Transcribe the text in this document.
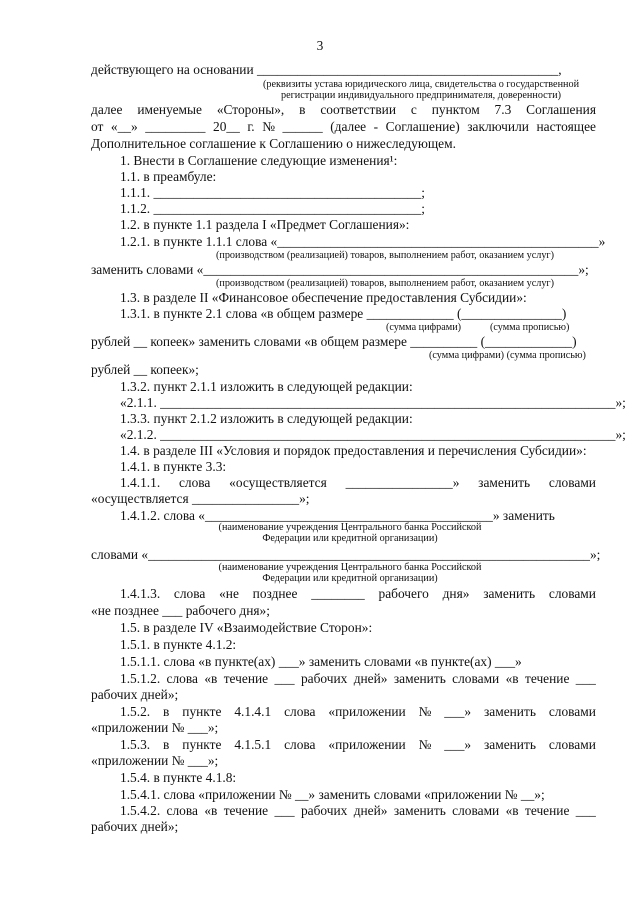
3
действующего на основании _____________________________________________,
(реквизиты устава юридического лица, свидетельства о государственной
регистрации индивидуального предпринимателя, доверенности)
далее именуемые «Стороны», в соответствии с пунктом 7.3 Соглашения
от «__» _________ 20__ г. № ______ (далее - Соглашение) заключили настоящее
Дополнительное соглашение к Соглашению о нижеследующем.
1. Внести в Соглашение следующие изменения¹:
1.1. в преамбуле:
1.1.1. ________________________________________;
1.1.2. ________________________________________;
1.2. в пункте 1.1 раздела I «Предмет Соглашения»:
1.2.1. в пункте 1.1.1 слова «________________________________________________»
(производством (реализацией) товаров, выполнением работ, оказанием услуг)
заменить словами «________________________________________________________»;
(производством (реализацией) товаров, выполнением работ, оказанием услуг)
1.3. в разделе II «Финансовое обеспечение предоставления Субсидии»:
1.3.1. в пункте 2.1 слова «в общем размере _____________ (_______________)
(сумма цифрами)	(сумма прописью)
рублей __ копеек» заменить словами «в общем размере __________ (_____________)
(сумма цифрами) (сумма прописью)
рублей __ копеек»;
1.3.2. пункт 2.1.1 изложить в следующей редакции:
«2.1.1. ____________________________________________________________________»;
1.3.3. пункт 2.1.2 изложить в следующей редакции:
«2.1.2. ____________________________________________________________________»;
1.4. в разделе III «Условия и порядок предоставления и перечисления Субсидии»:
1.4.1. в пункте 3.3:
1.4.1.1. слова «осуществляется ________________» заменить словами
«осуществляется ________________»;
1.4.1.2. слова «___________________________________________» заменить
(наименование учреждения Центрального банка Российской
Федерации или кредитной организации)
словами «__________________________________________________________________»;
(наименование учреждения Центрального банка Российской
Федерации или кредитной организации)
1.4.1.3. слова «не позднее ________ рабочего дня» заменить словами
«не позднее ___ рабочего дня»;
1.5. в разделе IV «Взаимодействие Сторон»:
1.5.1. в пункте 4.1.2:
1.5.1.1. слова «в пункте(ах) ___» заменить словами «в пункте(ах) ___»
1.5.1.2. слова «в течение ___ рабочих дней» заменить словами «в течение ___
рабочих дней»;
1.5.2. в пункте 4.1.4.1 слова «приложении № ___» заменить словами
«приложении № ___»;
1.5.3. в пункте 4.1.5.1 слова «приложении № ___» заменить словами
«приложении № ___»;
1.5.4. в пункте 4.1.8:
1.5.4.1. слова «приложении № __» заменить словами «приложении № __»;
1.5.4.2. слова «в течение ___ рабочих дней» заменить словами «в течение ___
рабочих дней»;
